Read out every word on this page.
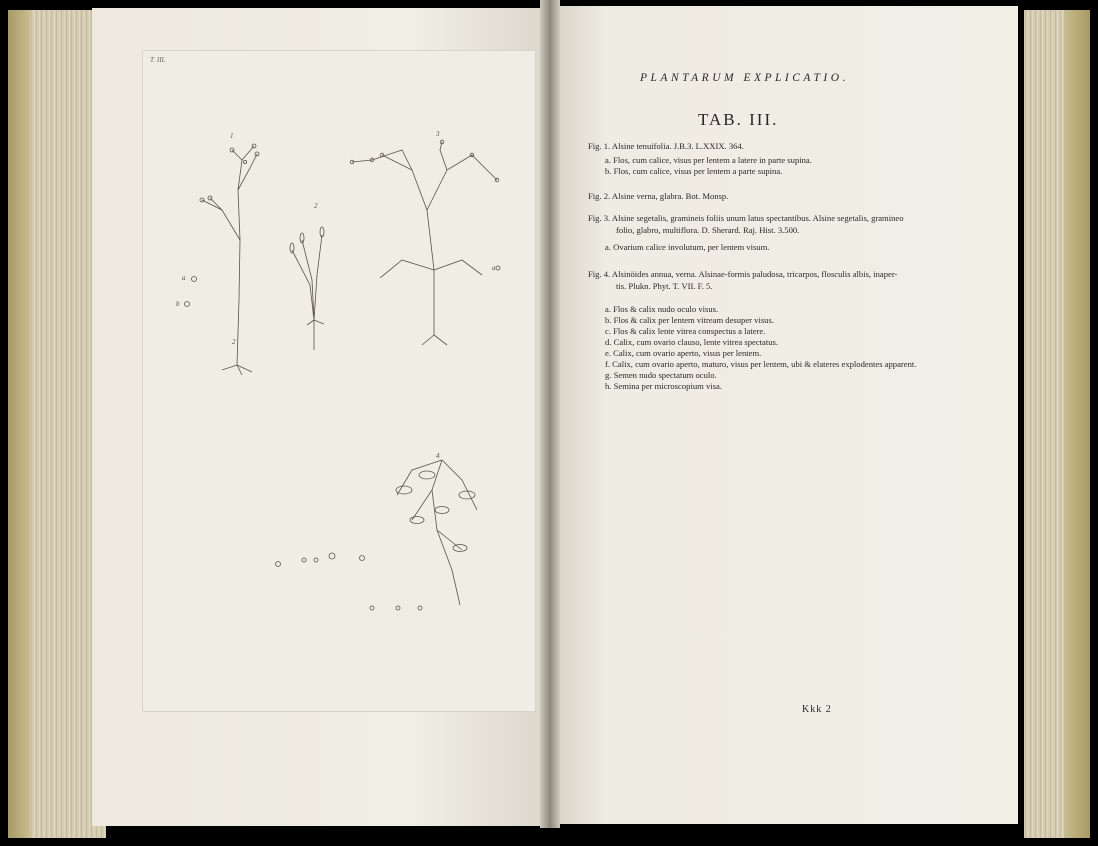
T. III.
1	3
2
2
4
a
b
a
PLANTARUM EXPLICATIO.
TAB. III.
Fig. 1. Alsine tenuifolia. J.B.3. L.XXIX. 364.
a. Flos, cum calice, visus per lentem a latere in parte supina.
b. Flos, cum calice, visus per lentem a parte supina.
Fig. 2. Alsine verna, glabra. Bot. Monsp.
Fig. 3. Alsine segetalis, gramineis foliis unum latus spectantibus. Alsine segetalis, gramineo
folio, glabro, multiflora. D. Sherard. Raj. Hist. 3.500.
a. Ovarium calice involutum, per lentem visum.
Fig. 4. Alsinöides annua, verna. Alsinae-formis paludosa, tricarpos, flosculis albis, inaper-
tis. Plukn. Phyt. T. VII. F. 5.
a. Flos & calix nudo oculo visus.
b. Flos & calix per lentem vitream desuper visus.
c. Flos & calix lente vitrea conspectus a latere.
d. Calix, cum ovario clauso, lente vitrea spectatus.
e. Calix, cum ovario aperto, visus per lentem.
f. Calix, cum ovario aperto, maturo, visus per lentem, ubi & elateres explodentes apparent.
g. Semen nudo spectatum oculo.
h. Semina per microscopium visa.
Kkk 2
